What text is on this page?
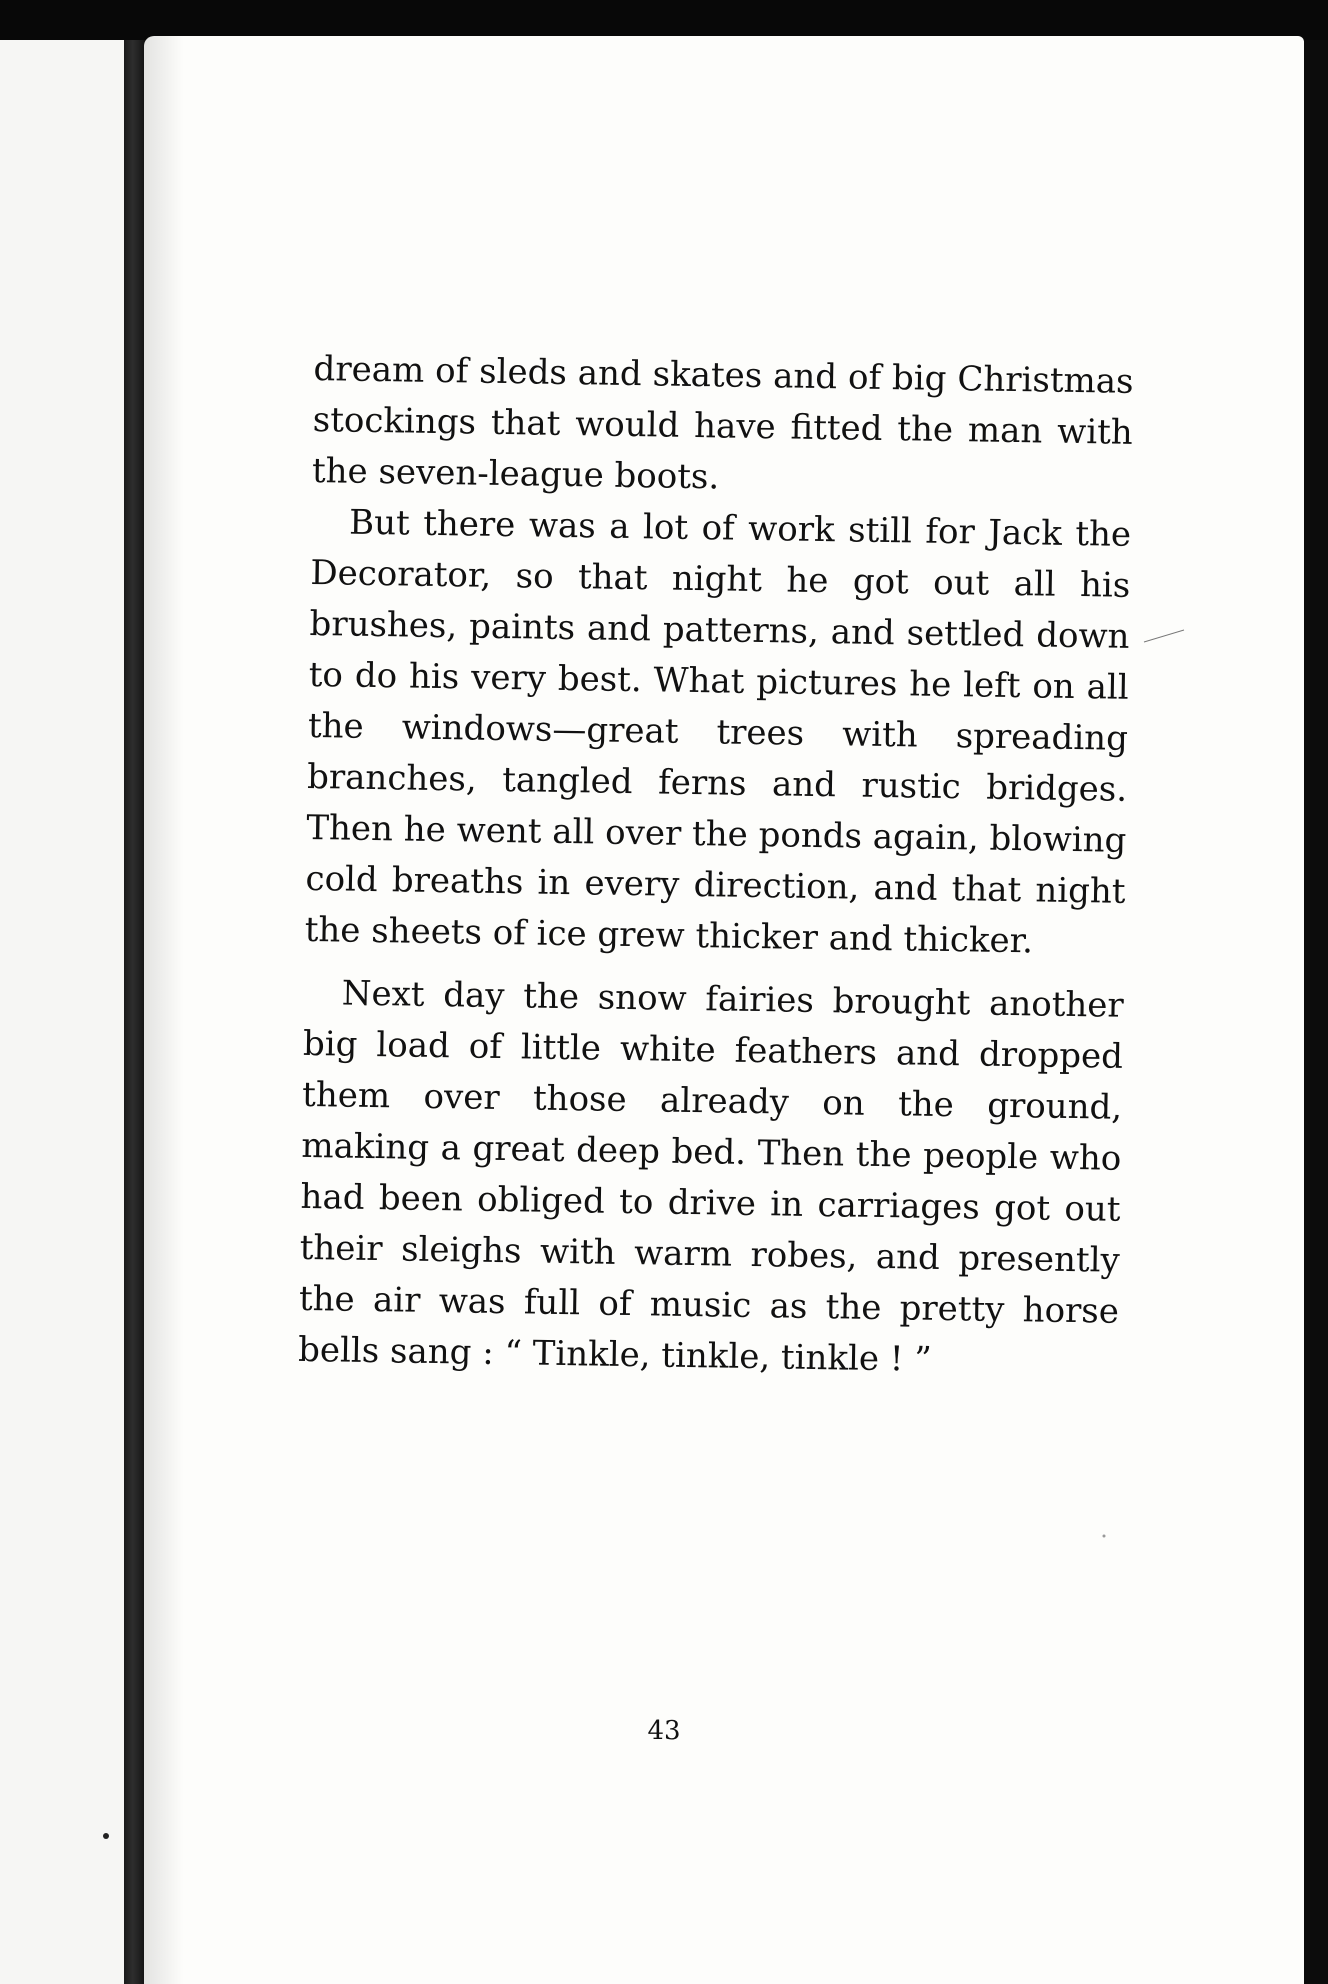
dream of sleds and skates and of big Christmas stockings that would have fitted the man with the seven-league boots.

But there was a lot of work still for Jack the Decorator, so that night he got out all his brushes, paints and patterns, and settled down to do his very best. What pictures he left on all the windows—great trees with spreading branches, tangled ferns and rustic bridges. Then he went all over the ponds again, blowing cold breaths in every direction, and that night the sheets of ice grew thicker and thicker.

Next day the snow fairies brought another big load of little white feathers and dropped them over those already on the ground, making a great deep bed. Then the people who had been obliged to drive in carriages got out their sleighs with warm robes, and presently the air was full of music as the pretty horse bells sang : “ Tinkle, tinkle, tinkle ! ”

43
